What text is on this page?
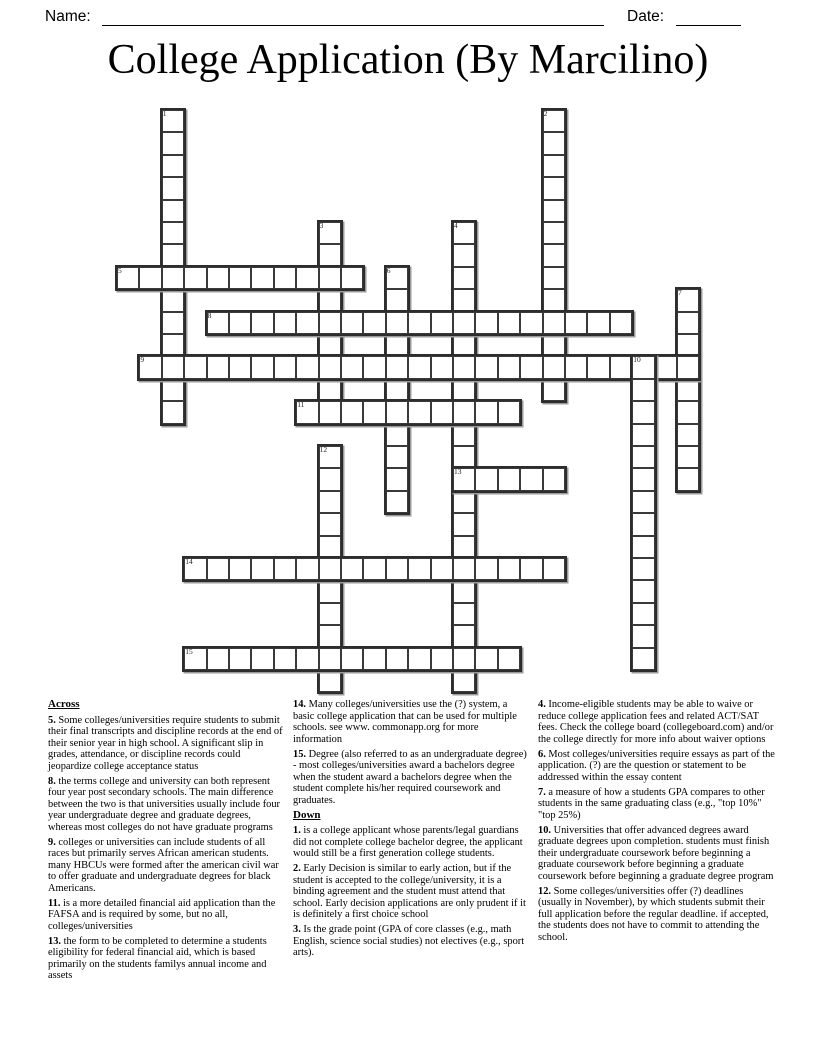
Name:	Date:
College Application (By Marcilino)
1	2
3	4
5	6
7
8
9	10
11
12
13
14
15
Across
5. Some colleges/universities require students to submit their final transcripts and discipline records at the end of their senior year in high school. A significant slip in grades, attendance, or discipline records could jeopardize college acceptance status
8. the terms college and university can both represent four year post secondary schools. The main difference between the two is that universities usually include four year undergraduate degree and graduate degrees, whereas most colleges do not have graduate programs
9. colleges or universities can include students of all races but primarily serves African american students. many HBCUs were formed after the american civil war to offer graduate and undergraduate degrees for black Americans.
11. is a more detailed financial aid application than the FAFSA and is required by some, but no all, colleges/universities
13. the form to be completed to determine a students eligibility for federal financial aid, which is based primarily on the students familys annual income and assets
14. Many colleges/universities use the (?) system, a basic college application that can be used for multiple schools. see www. commonapp.org for more information
15. Degree (also referred to as an undergraduate degree) - most colleges/universities award a bachelors degree when the student award a bachelors degree when the student complete his/her required coursework and graduates.
Down
1. is a college applicant whose parents/legal guardians did not complete college bachelor degree, the applicant would still be a first generation college students.
2. Early Decision is similar to early action, but if the student is accepted to the college/university, it is a binding agreement and the student must attend that school. Early decision applications are only prudent if it is definitely a first choice school
3. Is the grade point (GPA of core classes (e.g., math English, science social studies) not electives (e.g., sport arts).
4. Income-eligible students may be able to waive or reduce college application fees and related ACT/SAT fees. Check the college board (collegeboard.com) and/or the college directly for more info about waiver options
6. Most colleges/universities require essays as part of the application. (?) are the question or statement to be addressed within the essay content
7. a measure of how a students GPA compares to other students in the same graduating class (e.g., "top 10%" "top 25%)
10. Universities that offer advanced degrees award graduate degrees upon completion. students must finish their undergraduate coursework before beginning a graduate coursework before beginning a graduate coursework before beginning a graduate degree program
12. Some colleges/universities offer (?) deadlines (usually in November), by which students submit their full application before the regular deadline. if accepted, the students does not have to commit to attending the school.
